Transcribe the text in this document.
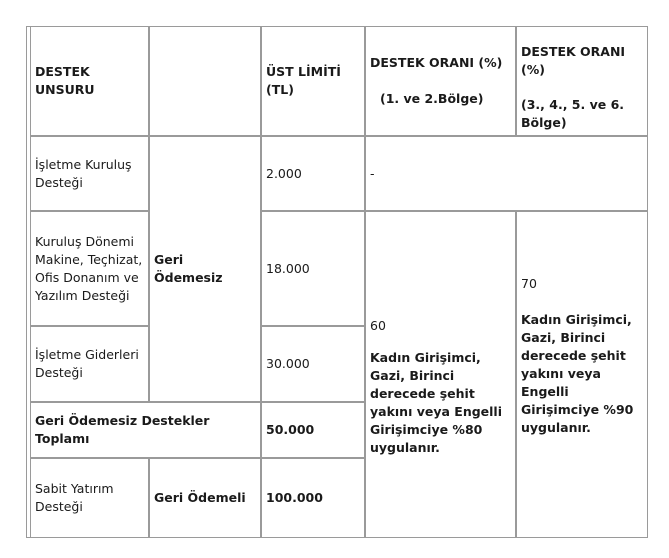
DESTEK UNSURU
ÜST LİMİTİ (TL)
DESTEK ORANI (%)
(1. ve 2.Bölge)
DESTEK ORANI (%)
(3., 4., 5. ve 6. Bölge)
İşletme Kuruluş Desteği
2.000	-
Geri Ödemesiz
Kuruluş Dönemi Makine, Teçhizat, Ofis Donanım ve Yazılım Desteği
18.000
İşletme Giderleri Desteği
30.000
Geri Ödemesiz Destekler Toplamı
50.000
Sabit Yatırım Desteği
Geri Ödemeli	100.000
60
Kadın Girişimci, Gazi, Birinci derecede şehit yakını veya Engelli Girişimciye %80 uygulanır.
70
Kadın Girişimci, Gazi, Birinci derecede şehit yakını veya Engelli Girişimciye %90 uygulanır.
